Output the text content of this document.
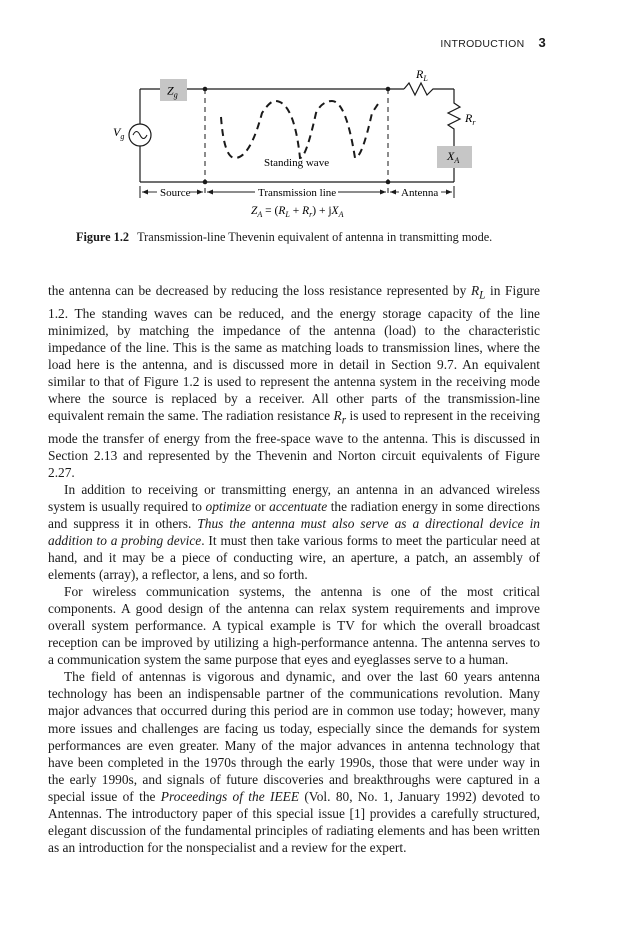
INTRODUCTION 3
$Z_g$
$V_g$
$R_L$
$R_r$
$X_A$
Standing wave
Source	Transmission line	Antenna
$Z_A = (R_L + R_r) + jX_A$
Figure 1.2 Transmission-line Thevenin equivalent of antenna in transmitting mode.

the antenna can be decreased by reducing the loss resistance represented by $R_L$ in Figure 1.2. The standing waves can be reduced, and the energy storage capacity of the line minimized, by matching the impedance of the antenna (load) to the characteristic impedance of the line. This is the same as matching loads to transmission lines, where the load here is the antenna, and is discussed more in detail in Section 9.7. An equivalent similar to that of Figure 1.2 is used to represent the antenna system in the receiving mode where the source is replaced by a receiver. All other parts of the transmission-line equivalent remain the same. The radiation resistance $R_r$ is used to represent in the receiving mode the transfer of energy from the free-space wave to the antenna. This is discussed in Section 2.13 and represented by the Thevenin and Norton circuit equivalents of Figure 2.27.

In addition to receiving or transmitting energy, an antenna in an advanced wireless system is usually required to optimize or accentuate the radiation energy in some directions and suppress it in others. Thus the antenna must also serve as a directional device in addition to a probing device. It must then take various forms to meet the particular need at hand, and it may be a piece of conducting wire, an aperture, a patch, an assembly of elements (array), a reflector, a lens, and so forth.

For wireless communication systems, the antenna is one of the most critical components. A good design of the antenna can relax system requirements and improve overall system performance. A typical example is TV for which the overall broadcast reception can be improved by utilizing a high-performance antenna. The antenna serves to a communication system the same purpose that eyes and eyeglasses serve to a human.

The field of antennas is vigorous and dynamic, and over the last 60 years antenna technology has been an indispensable partner of the communications revolution. Many major advances that occurred during this period are in common use today; however, many more issues and challenges are facing us today, especially since the demands for system performances are even greater. Many of the major advances in antenna technology that have been completed in the 1970s through the early 1990s, those that were under way in the early 1990s, and signals of future discoveries and breakthroughs were captured in a special issue of the Proceedings of the IEEE (Vol. 80, No. 1, January 1992) devoted to Antennas. The introductory paper of this special issue [1] provides a carefully structured, elegant discussion of the fundamental principles of radiating elements and has been written as an introduction for the nonspecialist and a review for the expert.
